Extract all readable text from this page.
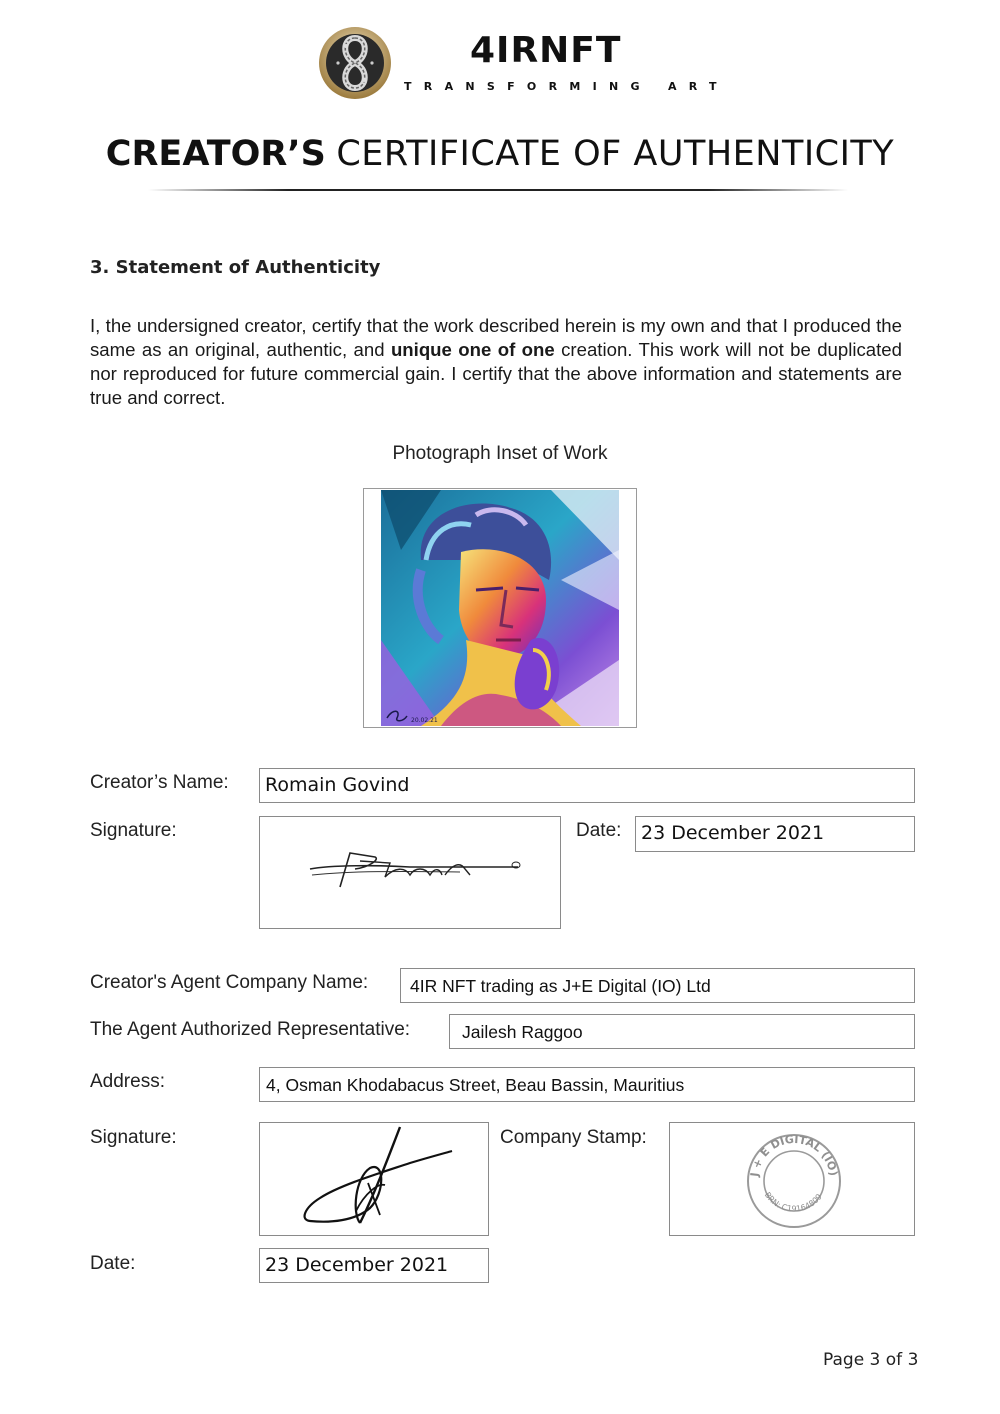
4IRNFT
TRANSFORMING ART
CREATOR’S CERTIFICATE OF AUTHENTICITY
3. Statement of Authenticity
I, the undersigned creator, certify that the work described herein is my own and that I produced the same as an original, authentic, and unique one of one creation. This work will not be duplicated nor reproduced for future commercial gain. I certify that the above information and statements are true and correct.
Photograph Inset of Work
20.02.21
Creator’s Name: Romain Govind
Signature:	Date: 23 December 2021
Creator's Agent Company Name:	4IR NFT trading as J+E Digital (IO) Ltd
The Agent Authorized Representative:	Jailesh Raggoo
Address:	4, Osman Khodabacus Street, Beau Bassin, Mauritius
Signature:	Company Stamp:
J + E DIGITAL (IO)
BRN: C19164809
Date:	23 December 2021
Page 3 of 3
